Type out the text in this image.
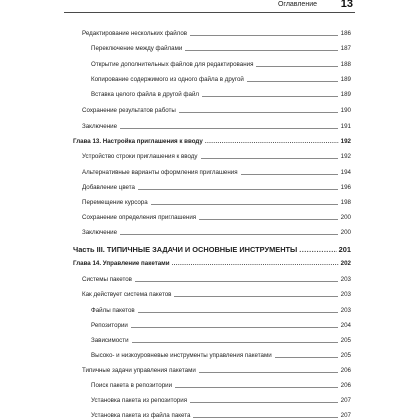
Оглавление 13
Редактирование нескольких файлов	186
Переключение между файлами	187
Открытие дополнительных файлов для редактирования	188
Копирование содержимого из одного файла в другой	189
Вставка целого файла в другой файл	189
Сохранение результатов работы	190
Заключение	191
Глава 13. Настройка приглашения к вводу .....	192
Устройство строки приглашения к вводу	192
Альтернативные варианты оформления приглашения	194
Добавление цвета	196
Перемещение курсора	198
Сохранение определения приглашения	200
Заключение	200
Часть III. ТИПИЧНЫЕ ЗАДАЧИ И ОСНОВНЫЕ ИНСТРУМЕНТЫ .....	201
Глава 14. Управление пакетами .....	202
Системы пакетов	203
Как действует система пакетов	203
Файлы пакетов	203
Репозитории	204
Зависимости	205
Высоко- и низкоуровневые инструменты управления пакетами	205
Типичные задачи управления пакетами	206
Поиск пакета в репозитории	206
Установка пакета из репозитория	207
Установка пакета из файла пакета	207
